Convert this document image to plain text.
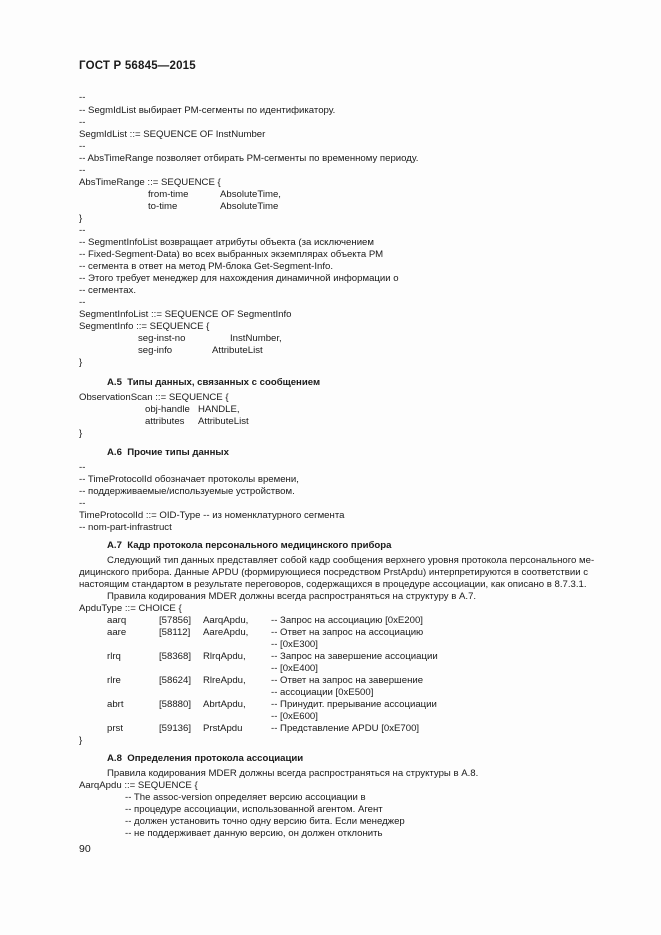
ГОСТ Р 56845—2015
--
-- SegmIdList выбирает РМ-сегменты по идентификатору.
--
SegmIdList ::= SEQUENCE OF InstNumber
--
-- AbsTimeRange позволяет отбирать РМ-сегменты по временному периоду.
--
AbsTimeRange ::= SEQUENCE {
from-time	AbsoluteTime,
to-time	AbsoluteTime
}
--
-- SegmentInfoList возвращает атрибуты объекта (за исключением
-- Fixed-Segment-Data) во всех выбранных экземплярах объекта РМ
-- сегмента в ответ на метод РМ-блока Get-Segment-Info.
-- Этого требует менеджер для нахождения динамичной информации о
-- сегментах.
--
SegmentInfoList ::= SEQUENCE OF SegmentInfo
SegmentInfo ::= SEQUENCE {
seg-inst-no	InstNumber,
seg-info	AttributeList
}
А.5  Типы данных, связанных с сообщением
ObservationScan ::= SEQUENCE {
obj-handle HANDLE,
attributes AttributeList
}
А.6  Прочие типы данных
--
-- TimeProtocolId обозначает протоколы времени,
-- поддерживаемые/используемые устройством.
--
TimeProtocolId ::= OID-Type -- из номенклатурного сегмента
-- nom-part-infrastruct
А.7  Кадр протокола персонального медицинского прибора
Следующий тип данных представляет собой кадр сообщения верхнего уровня протокола персонального ме-
дицинского прибора. Данные APDU (формирующиеся посредством PrstApdu) интерпретируются в соответствии с
настоящим стандартом в результате переговоров, содержащихся в процедуре ассоциации, как описано в 8.7.3.1.
Правила кодирования MDER должны всегда распространяться на структуру в А.7.
ApduType ::= CHOICE {
aarq	[57856] AarqApdu, -- Запрос на ассоциацию [0xE200]
aare	[58112] AareApdu, -- Ответ на запрос на ассоциацию
-- [0xE300]
rlrq	[58368] RlrqApdu,	-- Запрос на завершение ассоциации
-- [0xE400]
rlre	[58624] RlreApdu,	-- Ответ на запрос на завершение
-- ассоциации [0xE500]
abrt	[58880] AbrtApdu,	-- Принудит. прерывание ассоциации
-- [0xE600]
prst	[59136] PrstApdu	-- Представление APDU [0xE700]
}
А.8  Определения протокола ассоциации
Правила кодирования MDER должны всегда распространяться на структуры в А.8.
AarqApdu ::= SEQUENCE {
-- The assoc-version определяет версию ассоциации в
-- процедуре ассоциации, использованной агентом. Агент
-- должен установить точно одну версию бита. Если менеджер
-- не поддерживает данную версию, он должен отклонить
90
